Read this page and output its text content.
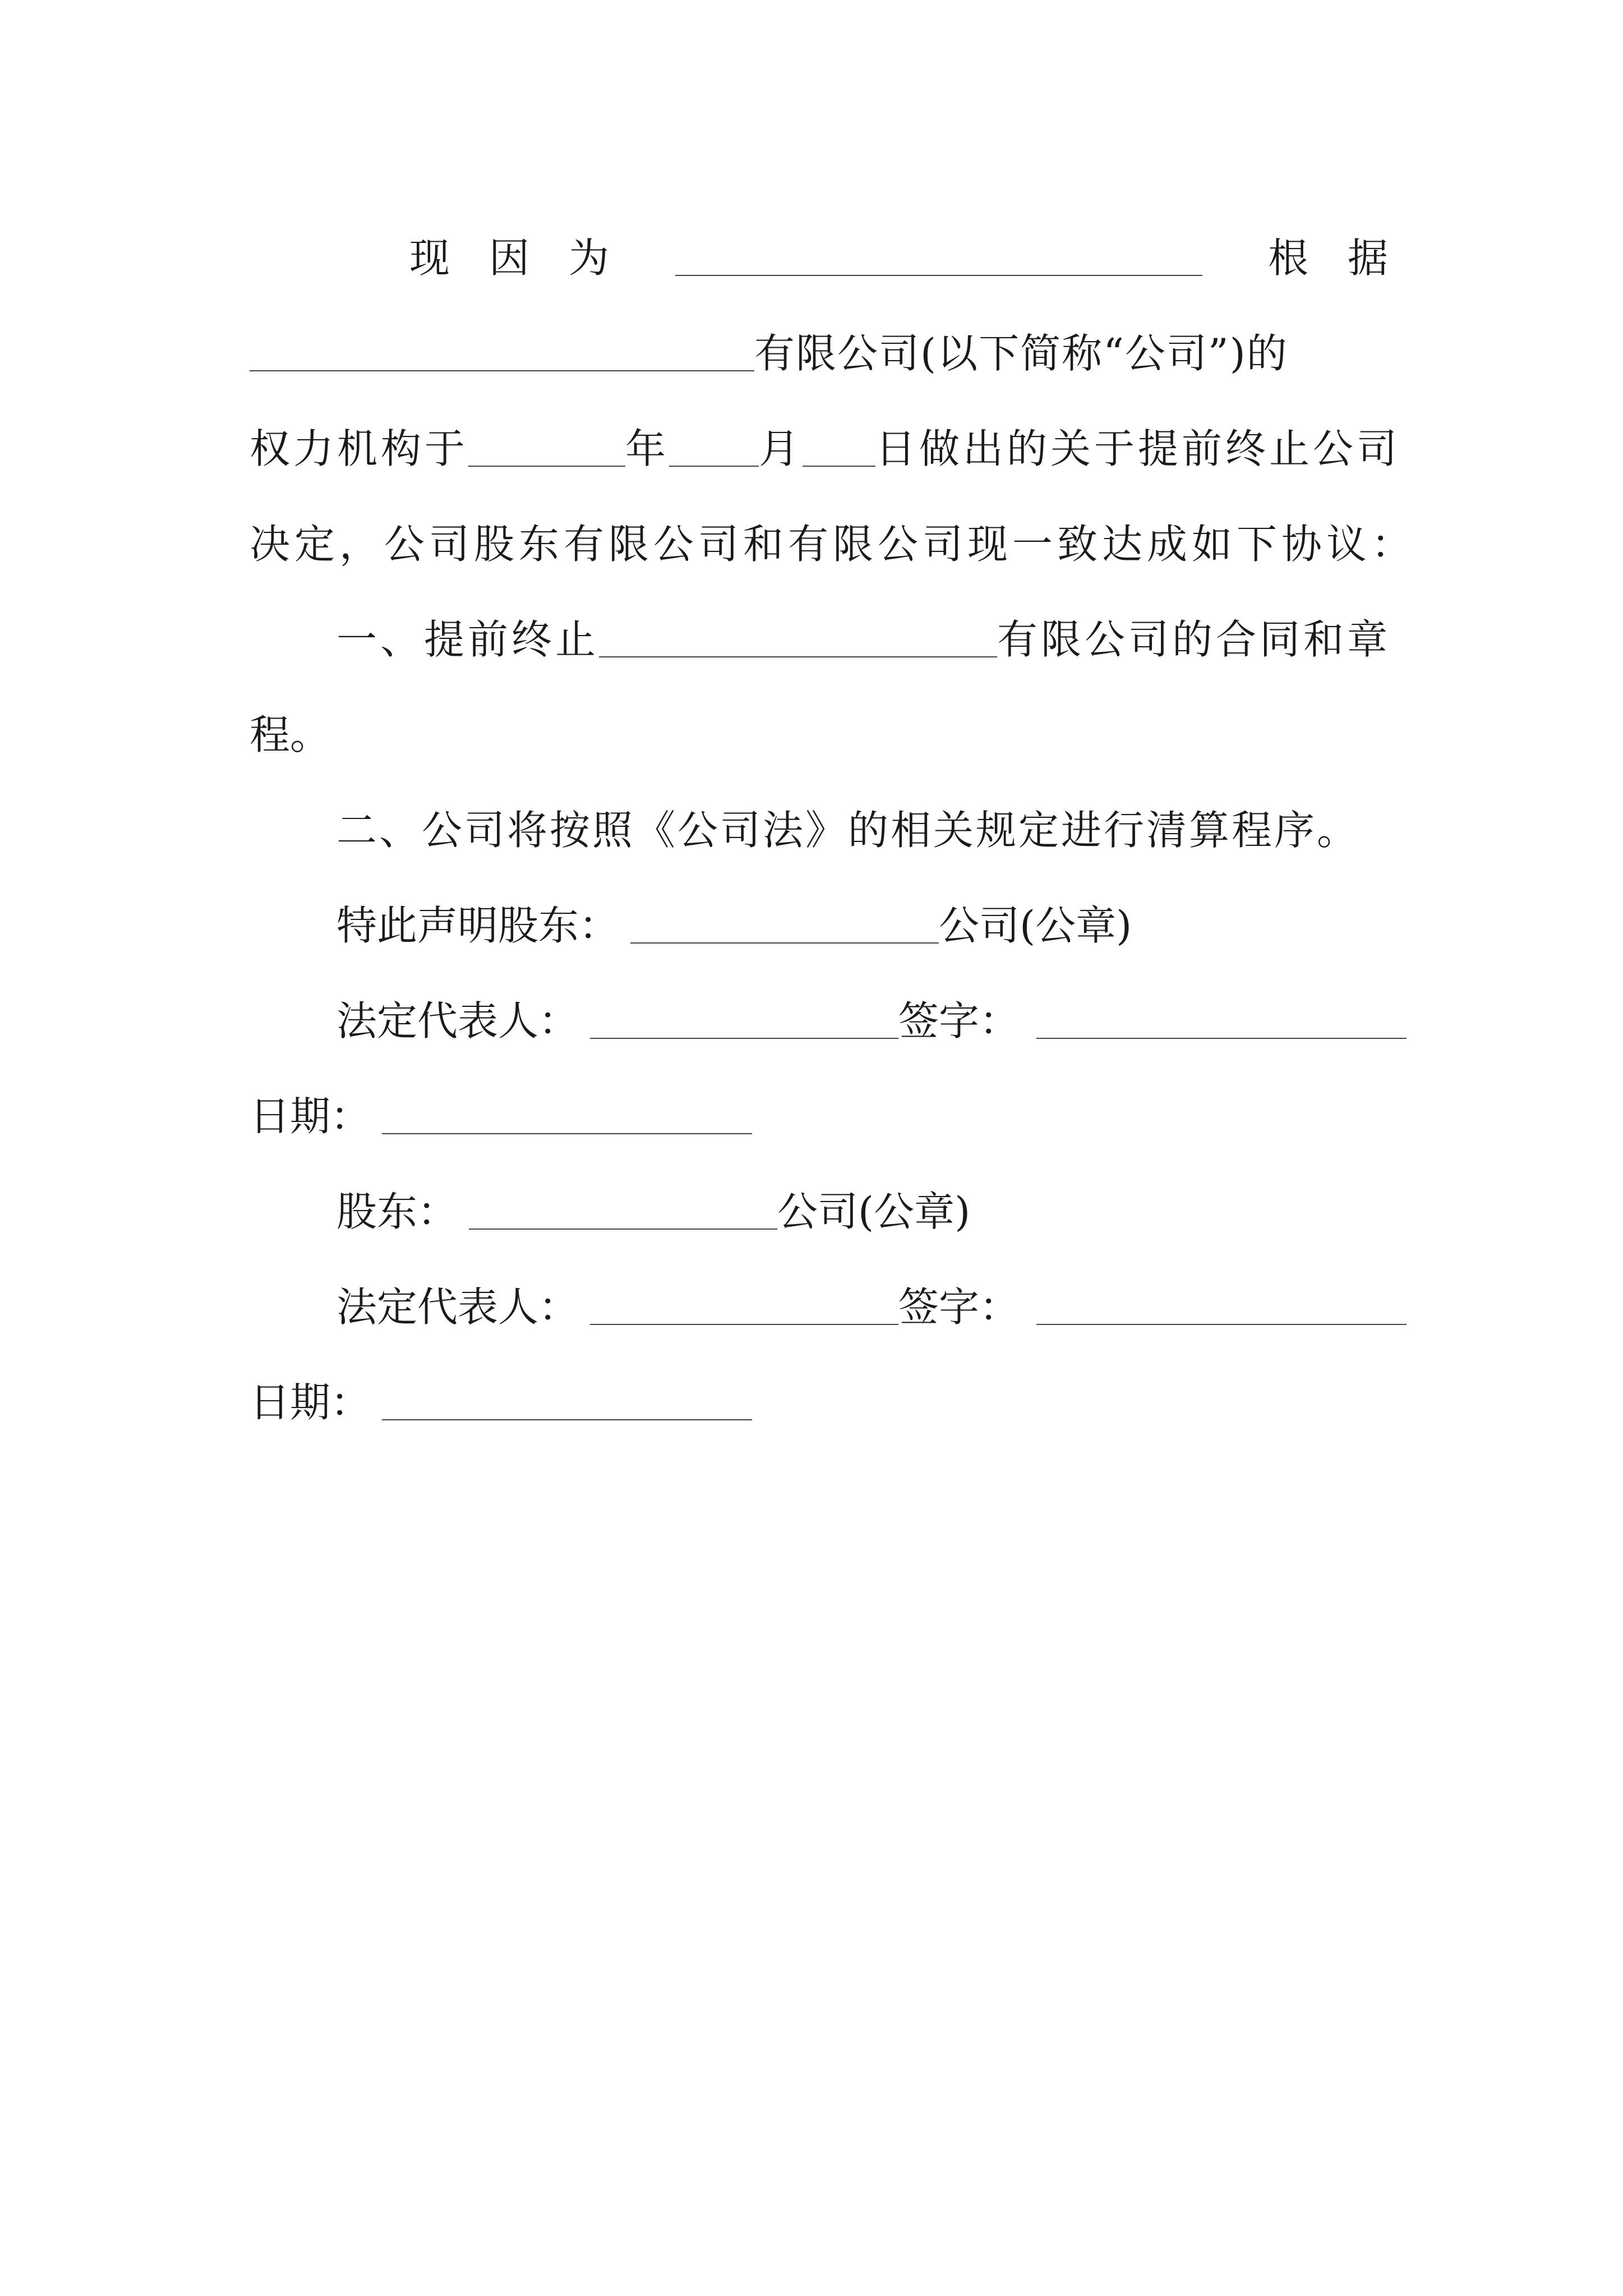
现 因 为	根 据
有限公司(以下简称“公司”)的
权力机构于	年 月 日做出的关于提前终止公司
决定，公司股东有限公司和有限公司现一致达成如下协议：
一、提前终止	有限公司的合同和章
程。
二、公司将按照《公司法》的相关规定进行清算程序。
特此声明股东：	公司(公章)
法定代表人：	签字：
日期：
股东：	公司(公章)
法定代表人：	签字：
日期：
